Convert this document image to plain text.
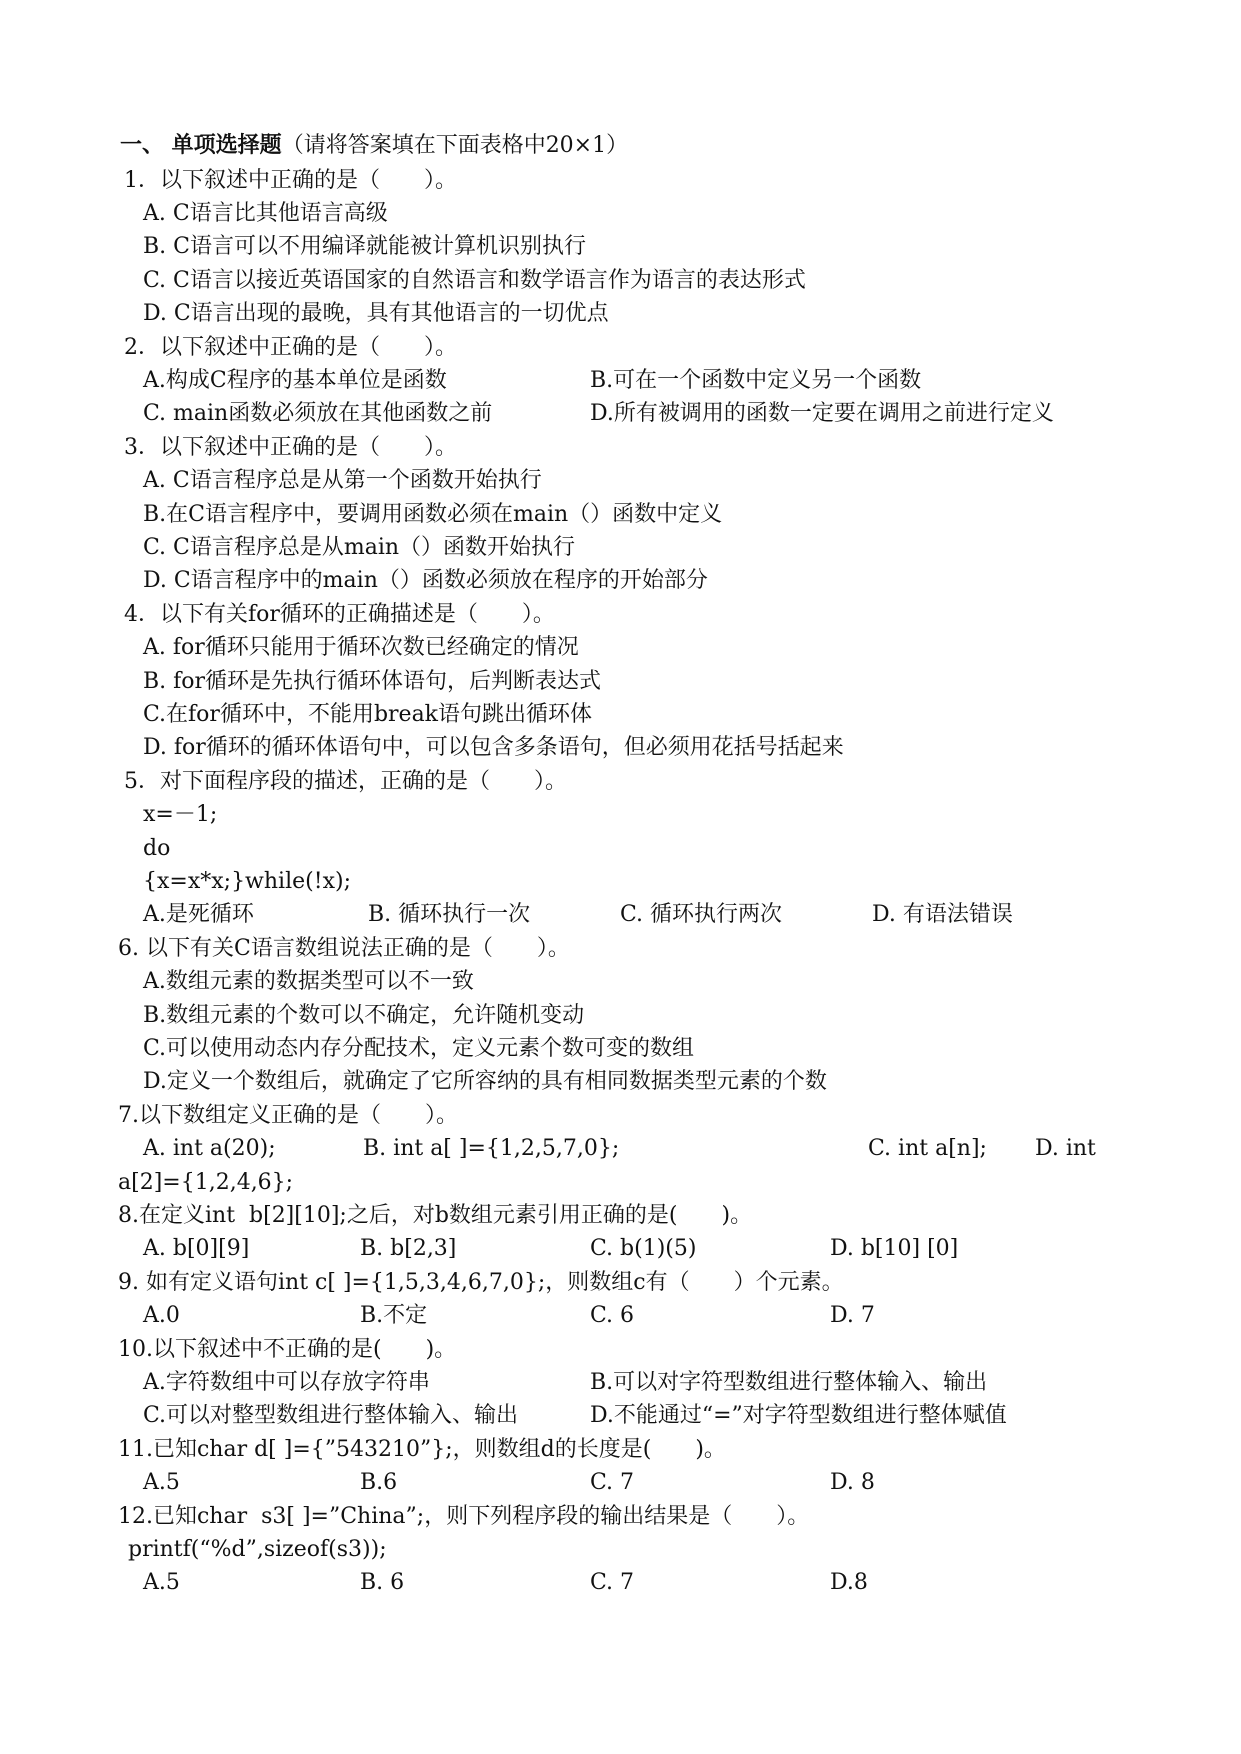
一、 单项选择题（请将答案填在下面表格中20×1）
1．以下叙述中正确的是（　　）。
A. C语言比其他语言高级
B. C语言可以不用编译就能被计算机识别执行
C. C语言以接近英语国家的自然语言和数学语言作为语言的表达形式
D. C语言出现的最晚，具有其他语言的一切优点
2．以下叙述中正确的是（　　）。
A.构成C程序的基本单位是函数	B.可在一个函数中定义另一个函数
C. main函数必须放在其他函数之前	D.所有被调用的函数一定要在调用之前进行定义
3．以下叙述中正确的是（　　）。
A. C语言程序总是从第一个函数开始执行
B.在C语言程序中，要调用函数必须在main（）函数中定义
C. C语言程序总是从main（）函数开始执行
D. C语言程序中的main（）函数必须放在程序的开始部分
4．以下有关for循环的正确描述是（　　）。
A. for循环只能用于循环次数已经确定的情况
B. for循环是先执行循环体语句，后判断表达式
C.在for循环中，不能用break语句跳出循环体
D. for循环的循环体语句中，可以包含多条语句，但必须用花括号括起来
5．对下面程序段的描述，正确的是（　　）。
x=－1;
do
{x=x*x;}while(!x);
A.是死循环	B. 循环执行一次	C. 循环执行两次	D. 有语法错误
6. 以下有关C语言数组说法正确的是（　　）。
A.数组元素的数据类型可以不一致
B.数组元素的个数可以不确定，允许随机变动
C.可以使用动态内存分配技术，定义元素个数可变的数组
D.定义一个数组后，就确定了它所容纳的具有相同数据类型元素的个数
7.以下数组定义正确的是（　　）。
A. int a(20);	B. int a[ ]={1,2,5,7,0};	C. int a[n]; D. int
a[2]={1,2,4,6};
8.在定义int  b[2][10];之后，对b数组元素引用正确的是(　　)。
A. b[0][9]	B. b[2,3]	C. b(1)(5)	D. b[10] [0]
9. 如有定义语句int c[ ]={1,5,3,4,6,7,0};，则数组c有（　　）个元素。
A.0	B.不定	C. 6	D. 7
10.以下叙述中不正确的是(　　)。
A.字符数组中可以存放字符串	B.可以对字符型数组进行整体输入、输出
C.可以对整型数组进行整体输入、输出	D.不能通过“=”对字符型数组进行整体赋值
11.已知char d[ ]={”543210”};，则数组d的长度是(　　)。
A.5	B.6	C. 7	D. 8
12.已知char  s3[ ]=”China”;，则下列程序段的输出结果是（　　）。
printf(“%d”,sizeof(s3));
A.5	B. 6	C. 7	D.8
